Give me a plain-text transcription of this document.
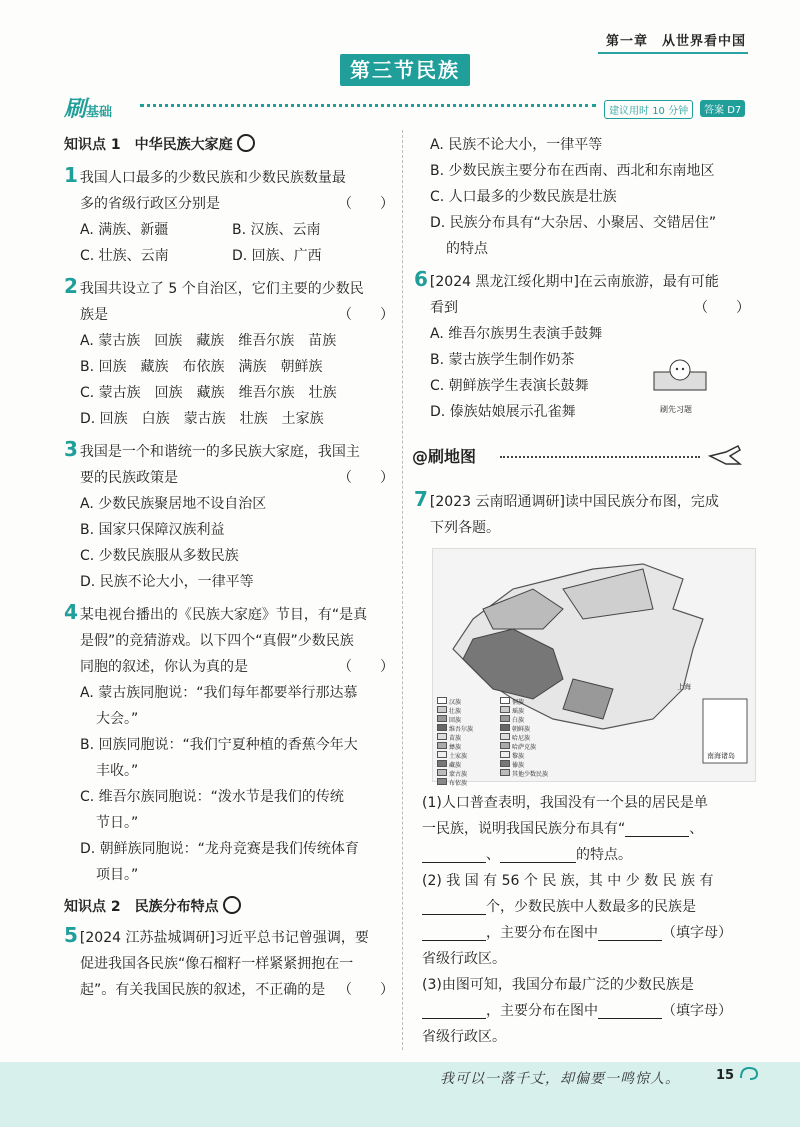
第一章　从世界看中国
第三节民族
刷基础	建议用时 10 分钟	答案 D7

知识点 1　中华民族大家庭

1 我国人口最多的少数民族和少数民族数量最

多的省级行政区分别是	（　　）

A. 满族、新疆	B. 汉族、云南

C. 壮族、云南	D. 回族、广西

2 我国共设立了 5 个自治区，它们主要的少数民

族是	（　　）

A. 蒙古族　回族　藏族　维吾尔族　苗族

B. 回族　藏族　布依族　满族　朝鲜族

C. 蒙古族　回族　藏族　维吾尔族　壮族

D. 回族　白族　蒙古族　壮族　土家族

3 我国是一个和谐统一的多民族大家庭，我国主

要的民族政策是	（　　）

A. 少数民族聚居地不设自治区

B. 国家只保障汉族利益

C. 少数民族服从多数民族

D. 民族不论大小，一律平等

4 某电视台播出的《民族大家庭》节目，有“是真

是假”的竞猜游戏。以下四个“真假”少数民族

同胞的叙述，你认为真的是	（　　）

A. 蒙古族同胞说：“我们每年都要举行那达慕

大会。”

B. 回族同胞说：“我们宁夏种植的香蕉今年大

丰收。”

C. 维吾尔族同胞说：“泼水节是我们的传统

节日。”

D. 朝鲜族同胞说：“龙舟竞赛是我们传统体育

项目。”

知识点 2　民族分布特点

5 [2024 江苏盐城调研]习近平总书记曾强调，要

促进我国各民族“像石榴籽一样紧紧拥抱在一

起”。有关我国民族的叙述，不正确的是 （　　）

A. 民族不论大小，一律平等

B. 少数民族主要分布在西南、西北和东南地区

C. 人口最多的少数民族是壮族

D. 民族分布具有“大杂居、小聚居、交错居住”

的特点

6 [2024 黑龙江绥化期中]在云南旅游，最有可能

看到	（　　）

A. 维吾尔族男生表演手鼓舞

B. 蒙古族学生制作奶茶

C. 朝鲜族学生表演长鼓舞

D. 傣族姑娘展示孔雀舞	刷先习题
@刷地图

7 [2023 云南昭通调研]读中国民族分布图，完成

下列各题。

上海
南海诸岛
汉族
壮族
回族
维吾尔族
苗族
彝族
土家族
藏族
蒙古族
布依族
侗族
瑶族
白族
朝鲜族
哈尼族
哈萨克族
黎族
傣族
其他少数民族

(1)人口普查表明，我国没有一个县的居民是单

一民族，说明我国民族分布具有“	、

、	的特点。

(2) 我 国 有 56 个 民 族，其 中 少 数 民 族 有

个，少数民族中人数最多的民族是

，主要分布在图中	（填字母）

省级行政区。

(3)由图可知，我国分布最广泛的少数民族是

，主要分布在图中	（填字母）

省级行政区。

我可以一落千丈，却偏要一鸣惊人。	15
